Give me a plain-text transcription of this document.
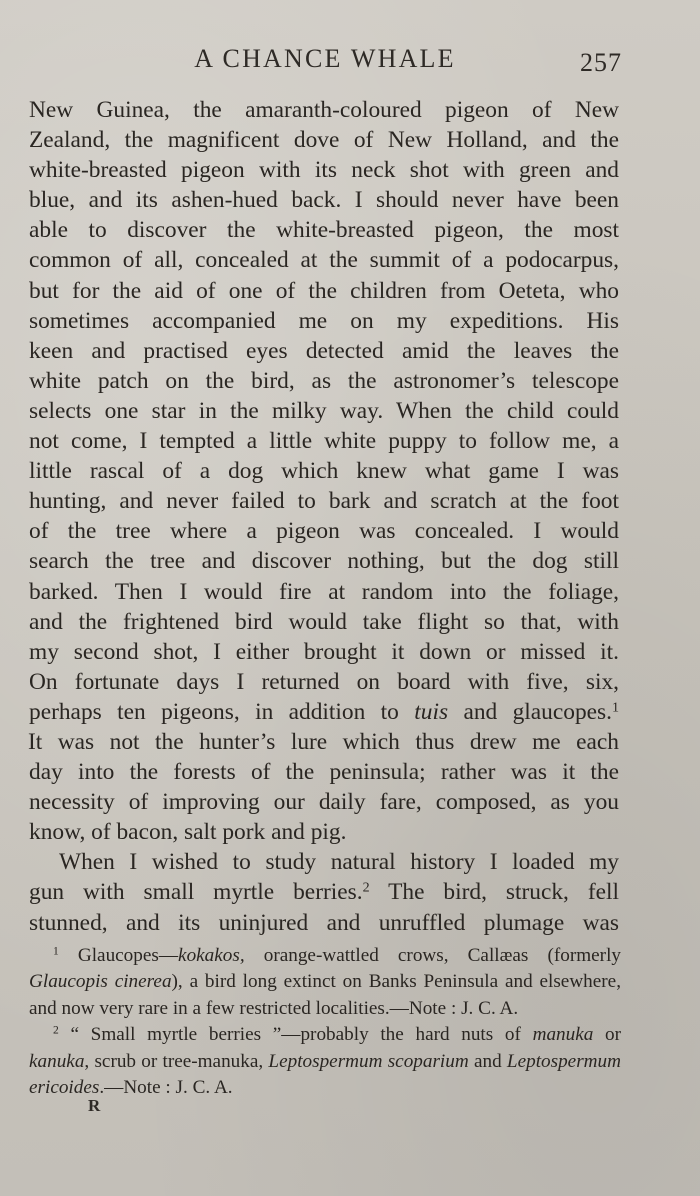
A CHANCE WHALE	257
New Guinea, the amaranth-coloured pigeon of New
Zealand, the magnificent dove of New Holland, and the
white-breasted pigeon with its neck shot with green and
blue, and its ashen-hued back. I should never have been
able to discover the white-breasted pigeon, the most
common of all, concealed at the summit of a podocarpus,
but for the aid of one of the children from Oeteta, who
sometimes accompanied me on my expeditions. His
keen and practised eyes detected amid the leaves the
white patch on the bird, as the astronomer’s telescope
selects one star in the milky way. When the child could
not come, I tempted a little white puppy to follow me, a
little rascal of a dog which knew what game I was
hunting, and never failed to bark and scratch at the foot
of the tree where a pigeon was concealed. I would
search the tree and discover nothing, but the dog still
barked. Then I would fire at random into the foliage,
and the frightened bird would take flight so that, with
my second shot, I either brought it down or missed it.
On fortunate days I returned on board with five, six,
perhaps ten pigeons, in addition to tuis and glaucopes.$^1$
It was not the hunter’s lure which thus drew me each
day into the forests of the peninsula; rather was it the
necessity of improving our daily fare, composed, as you
know, of bacon, salt pork and pig.
When I wished to study natural history I loaded my
gun with small myrtle berries.$^2$ The bird, struck, fell
stunned, and its uninjured and unruffled plumage was
$^1$ Glaucopes—kokakos, orange-wattled crows, Callæas (formerly
Glaucopis cinerea), a bird long extinct on Banks Peninsula and elsewhere,
and now very rare in a few restricted localities.—Note : J. C. A.
$^2$ “ Small myrtle berries ”—probably the hard nuts of manuka or
kanuka, scrub or tree-manuka, Leptospermum scoparium and Leptospermum
ericoides.—Note : J. C. A.
R
